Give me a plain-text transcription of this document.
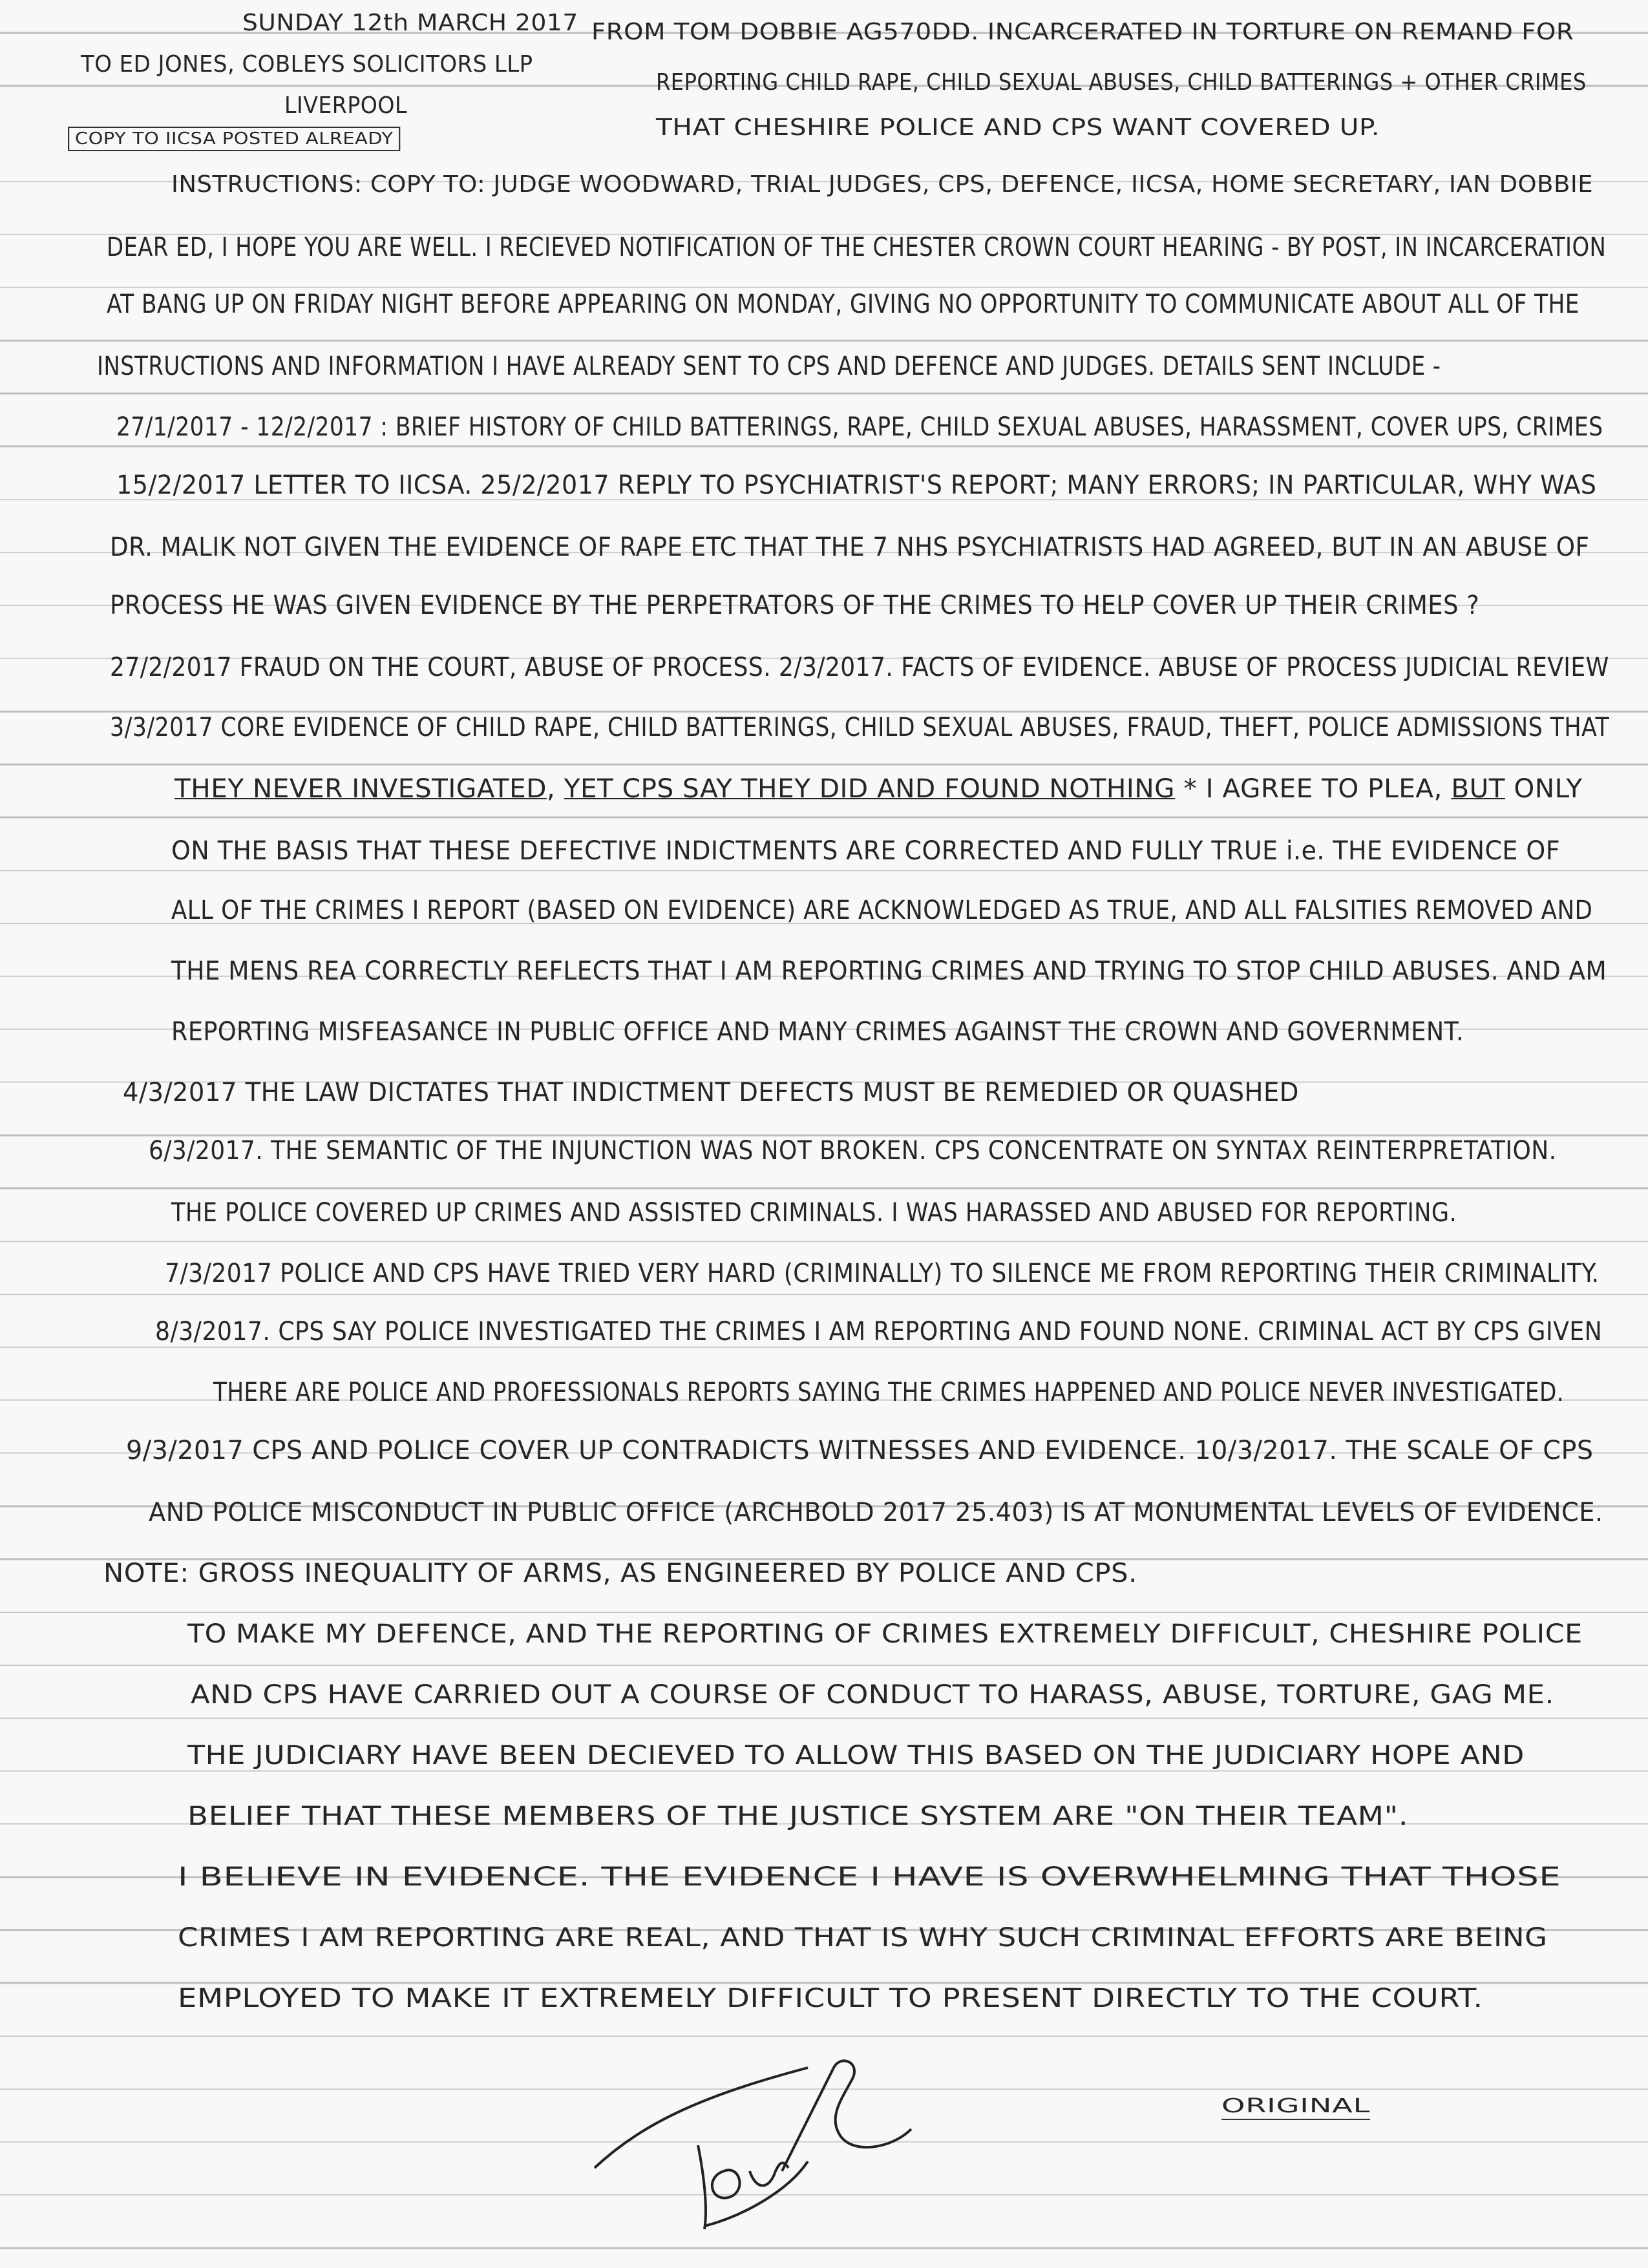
SUNDAY 12th MARCH 2017
TO ED JONES, COBLEYS SOLICITORS LLP
LIVERPOOL
COPY TO IICSA POSTED ALREADY
FROM TOM DOBBIE AG570DD. INCARCERATED IN TORTURE ON REMAND FOR
REPORTING CHILD RAPE, CHILD SEXUAL ABUSES, CHILD BATTERINGS + OTHER CRIMES
THAT CHESHIRE POLICE AND CPS WANT COVERED UP.
INSTRUCTIONS: COPY TO: JUDGE WOODWARD, TRIAL JUDGES, CPS, DEFENCE, IICSA, HOME SECRETARY, IAN DOBBIE
DEAR ED, I HOPE YOU ARE WELL. I RECIEVED NOTIFICATION OF THE CHESTER CROWN COURT HEARING - BY POST, IN INCARCERATION
AT BANG UP ON FRIDAY NIGHT BEFORE APPEARING ON MONDAY, GIVING NO OPPORTUNITY TO COMMUNICATE ABOUT ALL OF THE
INSTRUCTIONS AND INFORMATION I HAVE ALREADY SENT TO CPS AND DEFENCE AND JUDGES. DETAILS SENT INCLUDE -
27/1/2017 - 12/2/2017 : BRIEF HISTORY OF CHILD BATTERINGS, RAPE, CHILD SEXUAL ABUSES, HARASSMENT, COVER UPS, CRIMES
15/2/2017 LETTER TO IICSA. 25/2/2017 REPLY TO PSYCHIATRIST'S REPORT; MANY ERRORS; IN PARTICULAR, WHY WAS
DR. MALIK NOT GIVEN THE EVIDENCE OF RAPE ETC THAT THE 7 NHS PSYCHIATRISTS HAD AGREED, BUT IN AN ABUSE OF
PROCESS HE WAS GIVEN EVIDENCE BY THE PERPETRATORS OF THE CRIMES TO HELP COVER UP THEIR CRIMES ?
27/2/2017 FRAUD ON THE COURT, ABUSE OF PROCESS. 2/3/2017. FACTS OF EVIDENCE. ABUSE OF PROCESS JUDICIAL REVIEW
3/3/2017 CORE EVIDENCE OF CHILD RAPE, CHILD BATTERINGS, CHILD SEXUAL ABUSES, FRAUD, THEFT, POLICE ADMISSIONS THAT
THEY NEVER INVESTIGATED, YET CPS SAY THEY DID AND FOUND NOTHING * I AGREE TO PLEA, BUT ONLY
ON THE BASIS THAT THESE DEFECTIVE INDICTMENTS ARE CORRECTED AND FULLY TRUE i.e. THE EVIDENCE OF
ALL OF THE CRIMES I REPORT (BASED ON EVIDENCE) ARE ACKNOWLEDGED AS TRUE, AND ALL FALSITIES REMOVED AND
THE MENS REA CORRECTLY REFLECTS THAT I AM REPORTING CRIMES AND TRYING TO STOP CHILD ABUSES. AND AM
REPORTING MISFEASANCE IN PUBLIC OFFICE AND MANY CRIMES AGAINST THE CROWN AND GOVERNMENT.
4/3/2017 THE LAW DICTATES THAT INDICTMENT DEFECTS MUST BE REMEDIED OR QUASHED
6/3/2017. THE SEMANTIC OF THE INJUNCTION WAS NOT BROKEN. CPS CONCENTRATE ON SYNTAX REINTERPRETATION.
THE POLICE COVERED UP CRIMES AND ASSISTED CRIMINALS. I WAS HARASSED AND ABUSED FOR REPORTING.
7/3/2017 POLICE AND CPS HAVE TRIED VERY HARD (CRIMINALLY) TO SILENCE ME FROM REPORTING THEIR CRIMINALITY.
8/3/2017. CPS SAY POLICE INVESTIGATED THE CRIMES I AM REPORTING AND FOUND NONE. CRIMINAL ACT BY CPS GIVEN
THERE ARE POLICE AND PROFESSIONALS REPORTS SAYING THE CRIMES HAPPENED AND POLICE NEVER INVESTIGATED.
9/3/2017 CPS AND POLICE COVER UP CONTRADICTS WITNESSES AND EVIDENCE. 10/3/2017. THE SCALE OF CPS
AND POLICE MISCONDUCT IN PUBLIC OFFICE (ARCHBOLD 2017 25.403) IS AT MONUMENTAL LEVELS OF EVIDENCE.
NOTE: GROSS INEQUALITY OF ARMS, AS ENGINEERED BY POLICE AND CPS.
TO MAKE MY DEFENCE, AND THE REPORTING OF CRIMES EXTREMELY DIFFICULT, CHESHIRE POLICE
AND CPS HAVE CARRIED OUT A COURSE OF CONDUCT TO HARASS, ABUSE, TORTURE, GAG ME.
THE JUDICIARY HAVE BEEN DECIEVED TO ALLOW THIS BASED ON THE JUDICIARY HOPE AND
BELIEF THAT THESE MEMBERS OF THE JUSTICE SYSTEM ARE "ON THEIR TEAM".
I BELIEVE IN EVIDENCE. THE EVIDENCE I HAVE IS OVERWHELMING THAT THOSE
CRIMES I AM REPORTING ARE REAL, AND THAT IS WHY SUCH CRIMINAL EFFORTS ARE BEING
EMPLOYED TO MAKE IT EXTREMELY DIFFICULT TO PRESENT DIRECTLY TO THE COURT.
ORIGINAL
